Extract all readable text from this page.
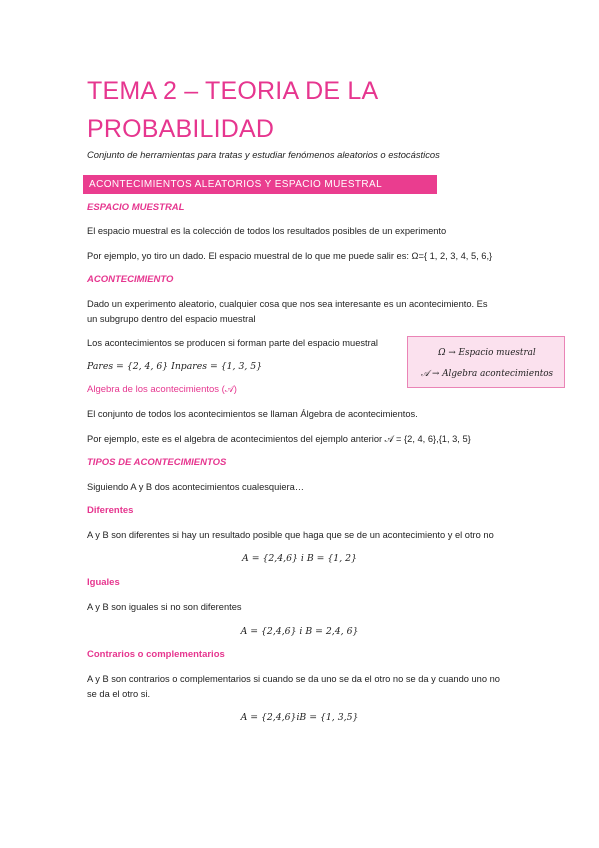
TEMA 2 – TEORIA DE LA
PROBABILIDAD
Conjunto de herramientas para tratas y estudiar fenómenos aleatorios o estocásticos
ACONTECIMIENTOS ALEATORIOS Y ESPACIO MUESTRAL
ESPACIO MUESTRAL
El espacio muestral es la colección de todos los resultados posibles de un experimento
Por ejemplo, yo tiro un dado. El espacio muestral de lo que me puede salir es: Ω={ 1, 2, 3, 4, 5, 6,}
ACONTECIMIENTO
Dado un experimento aleatorio, cualquier cosa que nos sea interesante es un acontecimiento. Es
un subgrupo dentro del espacio muestral
Los acontecimientos se producen si forman parte del espacio muestral
Pares = {2, 4, 6} Inpares = {1, 3, 5}
Ω → Espacio muestral
𝒜 → Algebra acontecimientos
Algebra de los acontecimientos (𝒜)
El conjunto de todos los acontecimientos se llaman Álgebra de acontecimientos.
Por ejemplo, este es el algebra de acontecimientos del ejemplo anterior 𝒜 = {2, 4, 6},{1, 3, 5}
TIPOS DE ACONTECIMIENTOS
Siguiendo A y B dos acontecimientos cualesquiera…
Diferentes
A y B son diferentes si hay un resultado posible que haga que se de un acontecimiento y el otro no
A = {2,4,6} i B = {1, 2}
Iguales
A y B son iguales si no son diferentes
A = {2,4,6} i B = 2,4, 6}
Contrarios o complementarios
A y B son contrarios o complementarios si cuando se da uno se da el otro no se da y cuando uno no
se da el otro si.
A = {2,4,6}iB = {1, 3,5}
